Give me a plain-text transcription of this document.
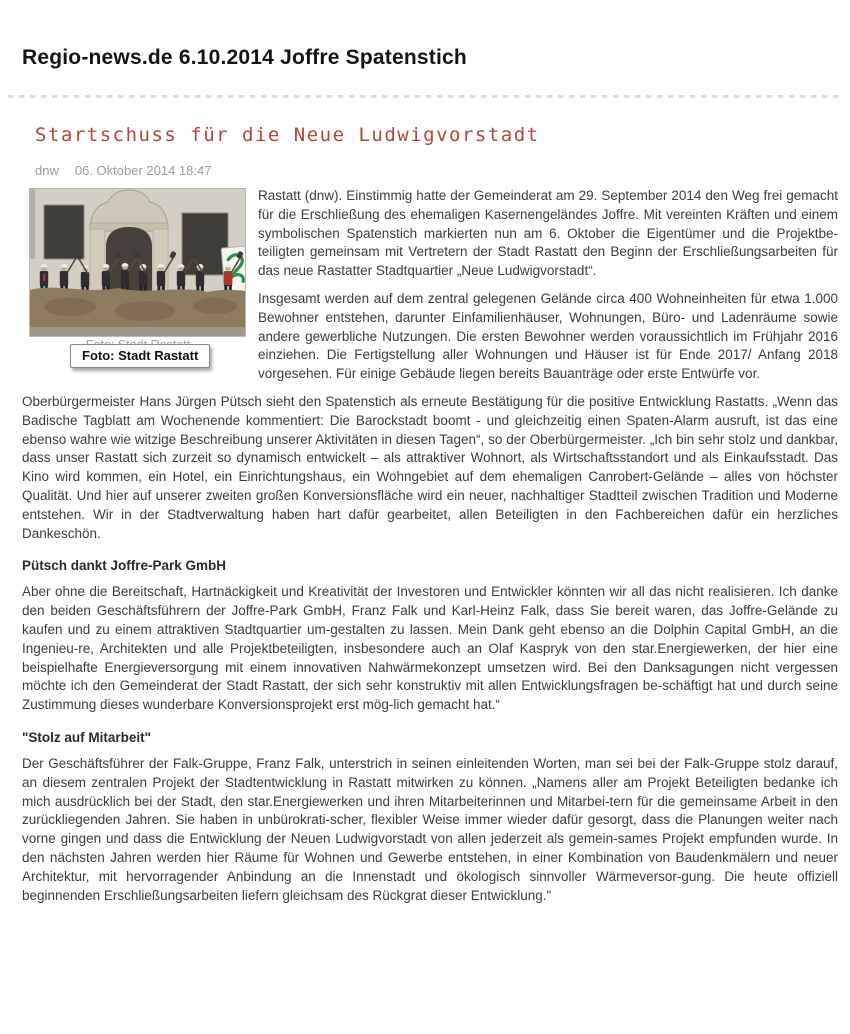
Regio-news.de 6.10.2014 Joffre Spatenstich
Startschuss für die Neue Ludwigvorstadt
dnw 06. Oktober 2014 18:47
Foto: Stadt Rastatt

Rastatt (dnw). Einstimmig hatte der Gemeinderat am 29. September 2014 den Weg frei gemacht für die Erschließung des ehemaligen Kasernengeländes Joffre. Mit vereinten Kräften und einem symbolischen Spatenstich markierten nun am 6. Oktober die Eigentümer und die Projektbe-teiligten gemeinsam mit Vertretern der Stadt Rastatt den Beginn der Erschließungsarbeiten für das neue Rastatter Stadtquartier „Neue Ludwigvorstadt“.

Insgesamt werden auf dem zentral gelegenen Gelände circa 400 Wohneinheiten für etwa 1.000 Bewohner entstehen, darunter Einfamilienhäuser, Wohnungen, Büro- und Ladenräume sowie andere gewerbliche Nutzungen. Die ersten Bewohner werden voraussichtlich im Frühjahr 2016 einziehen. Die Fertigstellung aller Wohnungen und Häuser ist für Ende 2017/ Anfang 2018 vorgesehen. Für einige Gebäude liegen bereits Bauanträge oder erste Entwürfe vor.

Oberbürgermeister Hans Jürgen Pütsch sieht den Spatenstich als erneute Bestätigung für die positive Entwicklung Rastatts. „Wenn das Badische Tagblatt am Wochenende kommentiert: Die Barockstadt boomt - und gleichzeitig einen Spaten-Alarm ausruft, ist das eine ebenso wahre wie witzige Beschreibung unserer Aktivitäten in diesen Tagen“, so der Oberbürgermeister. „Ich bin sehr stolz und dankbar, dass unser Rastatt sich zurzeit so dynamisch entwickelt – als attraktiver Wohnort, als Wirtschaftsstandort und als Einkaufsstadt. Das Kino wird kommen, ein Hotel, ein Einrichtungshaus, ein Wohngebiet auf dem ehemaligen Canrobert-Gelände – alles von höchster Qualität. Und hier auf unserer zweiten großen Konversionsfläche wird ein neuer, nachhaltiger Stadtteil zwischen Tradition und Moderne entstehen. Wir in der Stadtverwaltung haben hart dafür gearbeitet, allen Beteiligten in den Fachbereichen dafür ein herzliches Dankeschön.

Pütsch dankt Joffre-Park GmbH

Aber ohne die Bereitschaft, Hartnäckigkeit und Kreativität der Investoren und Entwickler könnten wir all das nicht realisieren. Ich danke den beiden Geschäftsführern der Joffre-Park GmbH, Franz Falk und Karl-Heinz Falk, dass Sie bereit waren, das Joffre-Gelände zu kaufen und zu einem attraktiven Stadtquartier um-gestalten zu lassen. Mein Dank geht ebenso an die Dolphin Capital GmbH, an die Ingenieu-re, Architekten und alle Projektbeteiligten, insbesondere auch an Olaf Kaspryk von den star.Energiewerken, der hier eine beispielhafte Energieversorgung mit einem innovativen Nahwärmekonzept umsetzen wird. Bei den Danksagungen nicht vergessen möchte ich den Gemeinderat der Stadt Rastatt, der sich sehr konstruktiv mit allen Entwicklungsfragen be-schäftigt hat und durch seine Zustimmung dieses wunderbare Konversionsprojekt erst mög-lich gemacht hat.“

"Stolz auf Mitarbeit"

Der Geschäftsführer der Falk-Gruppe, Franz Falk, unterstrich in seinen einleitenden Worten, man sei bei der Falk-Gruppe stolz darauf, an diesem zentralen Projekt der Stadtentwicklung in Rastatt mitwirken zu können. „Namens aller am Projekt Beteiligten bedanke ich mich ausdrücklich bei der Stadt, den star.Energiewerken und ihren Mitarbeiterinnen und Mitarbei-tern für die gemeinsame Arbeit in den zurückliegenden Jahren. Sie haben in unbürokrati-scher, flexibler Weise immer wieder dafür gesorgt, dass die Planungen weiter nach vorne gingen und dass die Entwicklung der Neuen Ludwigvorstadt von allen jederzeit als gemein-sames Projekt empfunden wurde. In den nächsten Jahren werden hier Räume für Wohnen und Gewerbe entstehen, in einer Kombination von Baudenkmälern und neuer Architektur, mit hervorragender Anbindung an die Innenstadt und ökologisch sinnvoller Wärmeversor-gung. Die heute offiziell beginnenden Erschließungsarbeiten liefern gleichsam des Rückgrat dieser Entwicklung."
